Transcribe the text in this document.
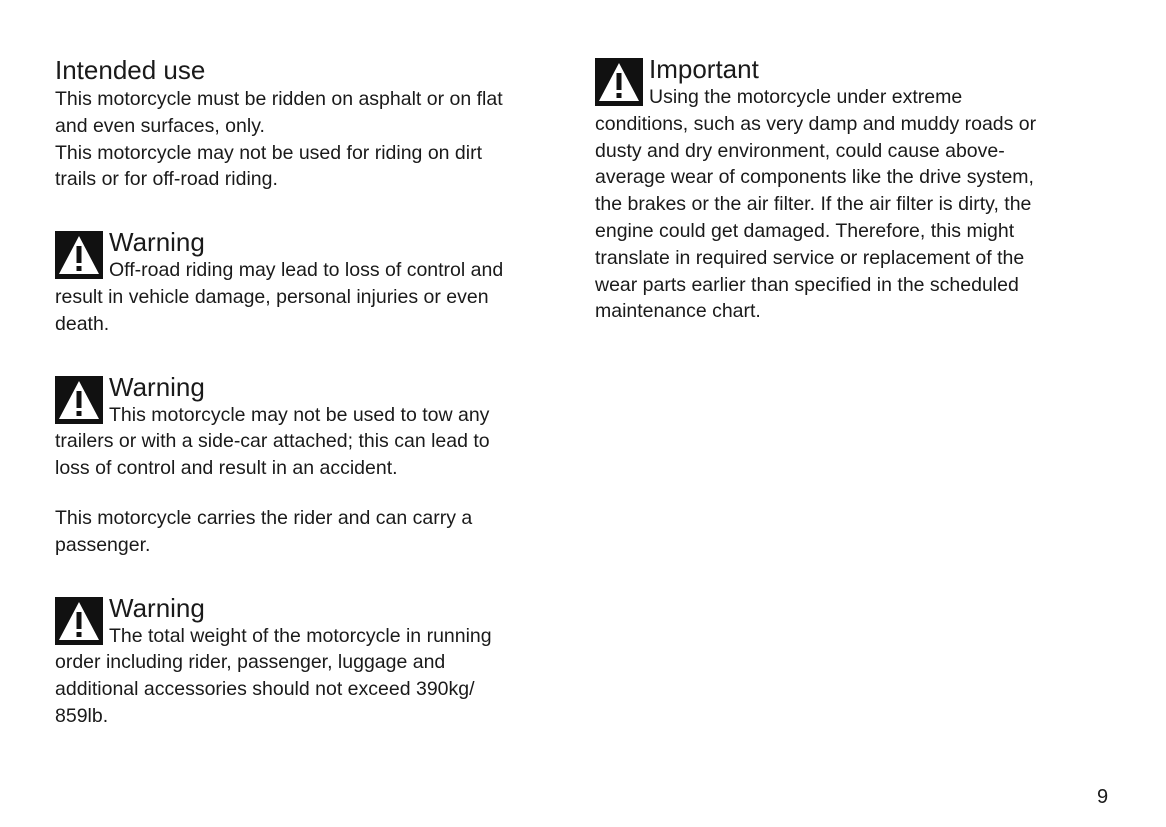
Intended use

This motorcycle must be ridden on asphalt or on flat
and even surfaces, only.
This motorcycle may not be used for riding on dirt
trails or for off-road riding.

Warning

Off-road riding may lead to loss of control and
result in vehicle damage, personal injuries or even
death.

Warning

This motorcycle may not be used to tow any
trailers or with a side-car attached; this can lead to
loss of control and result in an accident.

This motorcycle carries the rider and can carry a
passenger.

Warning

The total weight of the motorcycle in running
order including rider, passenger, luggage and
additional accessories should not exceed 390kg/
859lb.

Important

Using the motorcycle under extreme
conditions, such as very damp and muddy roads or
dusty and dry environment, could cause above-
average wear of components like the drive system,
the brakes or the air filter. If the air filter is dirty, the
engine could get damaged. Therefore, this might
translate in required service or replacement of the
wear parts earlier than specified in the scheduled
maintenance chart.

9
